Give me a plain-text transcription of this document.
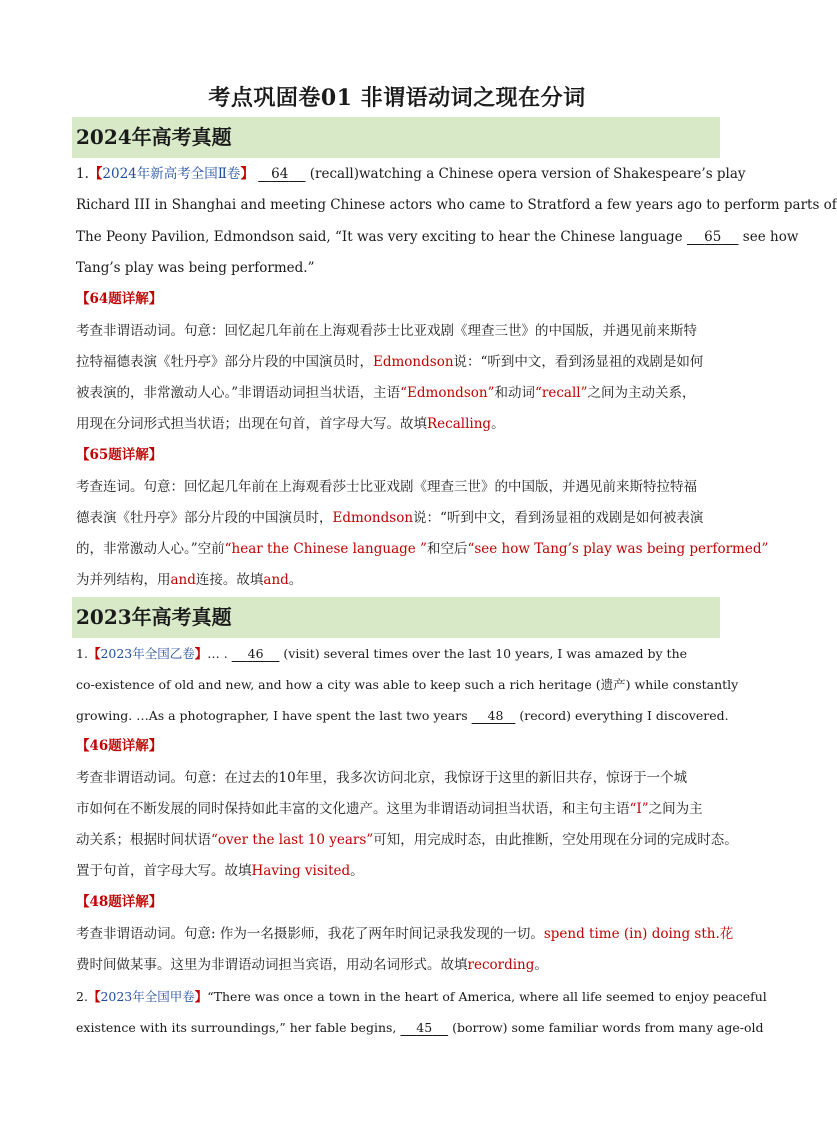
考点巩固卷01 非谓语动词之现在分词
2024年高考真题
1.【2024年新高考全国Ⅱ卷】 64 (recall)watching a Chinese opera version of Shakespeare’s play
Richard III in Shanghai and meeting Chinese actors who came to Stratford a few years ago to perform parts of
The Peony Pavilion, Edmondson said, “It was very exciting to hear the Chinese language 65 see how
Tang’s play was being performed.”
【64题详解】
考查非谓语动词。句意：回忆起几年前在上海观看莎士比亚戏剧《理查三世》的中国版，并遇见前来斯特
拉特福德表演《牡丹亭》部分片段的中国演员时，Edmondson说：“听到中文，看到汤显祖的戏剧是如何
被表演的，非常激动人心。”非谓语动词担当状语，主语“Edmondson”和动词“recall”之间为主动关系，
用现在分词形式担当状语；出现在句首，首字母大写。故填Recalling。
【65题详解】
考查连词。句意：回忆起几年前在上海观看莎士比亚戏剧《理查三世》的中国版，并遇见前来斯特拉特福
德表演《牡丹亭》部分片段的中国演员时，Edmondson说：“听到中文，看到汤显祖的戏剧是如何被表演
的，非常激动人心。”空前“hear the Chinese language ”和空后“see how Tang’s play was being performed”
为并列结构，用and连接。故填and。
2023年高考真题
1.【2023年全国乙卷】… . 46 (visit) several times over the last 10 years, I was amazed by the
co-existence of old and new, and how a city was able to keep such a rich heritage (遗产) while constantly
growing. …As a photographer, I have spent the last two years 48 (record) everything I discovered.
【46题详解】
考查非谓语动词。句意：在过去的10年里，我多次访问北京，我惊讶于这里的新旧共存，惊讶于一个城
市如何在不断发展的同时保持如此丰富的文化遗产。这里为非谓语动词担当状语，和主句主语“I”之间为主
动关系；根据时间状语“over the last 10 years”可知，用完成时态，由此推断，空处用现在分词的完成时态。
置于句首，首字母大写。故填Having visited。
【48题详解】
考查非谓语动词。句意: 作为一名摄影师，我花了两年时间记录我发现的一切。spend time (in) doing sth.花
费时间做某事。这里为非谓语动词担当宾语，用动名词形式。故填recording。
2.【2023年全国甲卷】“There was once a town in the heart of America, where all life seemed to enjoy peaceful
existence with its surroundings,” her fable begins, 45 (borrow) some familiar words from many age-old
